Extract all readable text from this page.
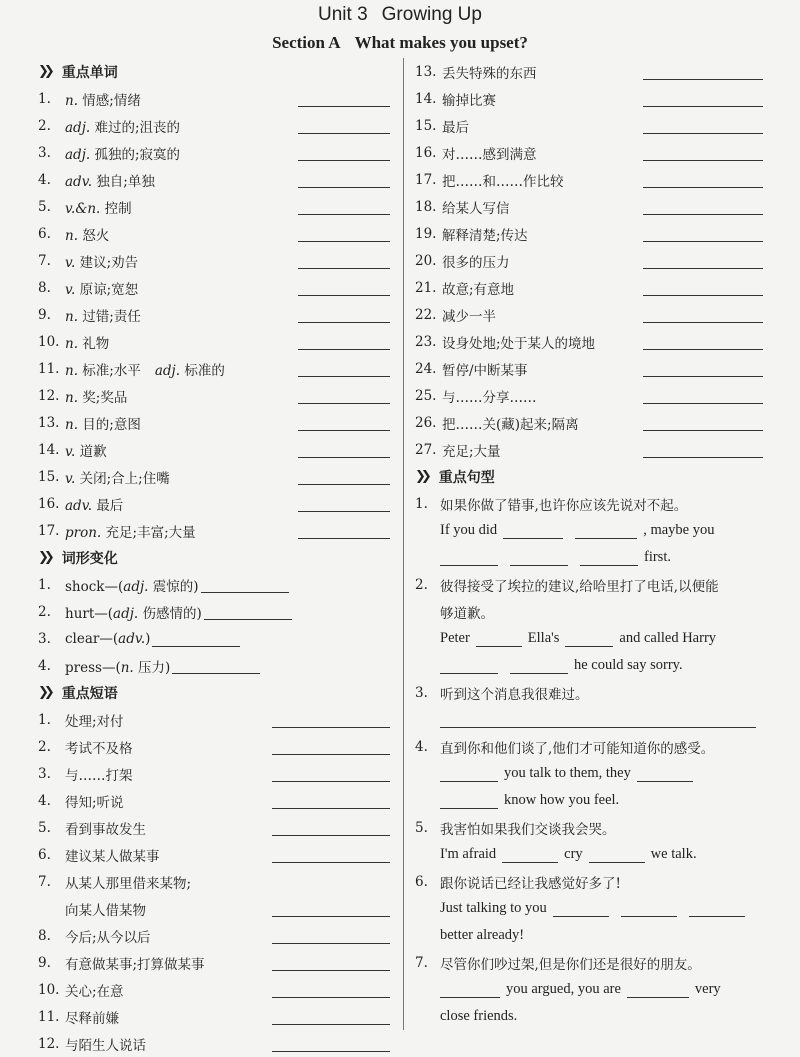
Unit 3 Growing Up
Section A What makes you upset?
❯❯ 重点单词
1.	n. 情感;情绪
2.	adj. 难过的;沮丧的
3.	adj. 孤独的;寂寞的
4.	adv. 独自;单独
5.	v.&n. 控制
6.	n. 怒火
7.	v. 建议;劝告
8.	v. 原谅;宽恕
9.	n. 过错;责任
10. n. 礼物
11. n. 标准;水平 adj. 标准的
12. n. 奖;奖品
13. n. 目的;意图
14. v. 道歉
15. v. 关闭;合上;住嘴
16. adv. 最后
17. pron. 充足;丰富;大量
❯❯ 词形变化
1.	shock—(adj. 震惊的)
2.	hurt—(adj. 伤感情的)
3.	clear—(adv.)
4.	press—(n. 压力)
❯❯ 重点短语
1.	处理;对付
2.	考试不及格
3.	与……打架
4.	得知;听说
5.	看到事故发生
6.	建议某人做某事
7.	从某人那里借来某物;
向某人借某物
8.	今后;从今以后
9.	有意做某事;打算做某事
10. 关心;在意
11. 尽释前嫌
12. 与陌生人说话
13. 丢失特殊的东西
14. 输掉比赛
15. 最后
16. 对……感到满意
17. 把……和……作比较
18. 给某人写信
19. 解释清楚;传达
20. 很多的压力
21. 故意;有意地
22. 减少一半
23. 设身处地;处于某人的境地
24. 暂停/中断某事
25. 与……分享……
26. 把……关(藏)起来;隔离
27. 充足;大量
❯❯ 重点句型
1. 如果你做了错事,也许你应该先说对不起。
If you did	, maybe you
first.
2. 彼得接受了埃拉的建议,给哈里打了电话,以便能
够道歉。
Peter	Ella's	and called Harry
he could say sorry.
3. 听到这个消息我很难过。
4. 直到你和他们谈了,他们才可能知道你的感受。
you talk to them, they
know how you feel.
5. 我害怕如果我们交谈我会哭。
I'm afraid	cry	we talk.
6. 跟你说话已经让我感觉好多了!
Just talking to you
better already!
7. 尽管你们吵过架,但是你们还是很好的朋友。
you argued, you are	very
close friends.
